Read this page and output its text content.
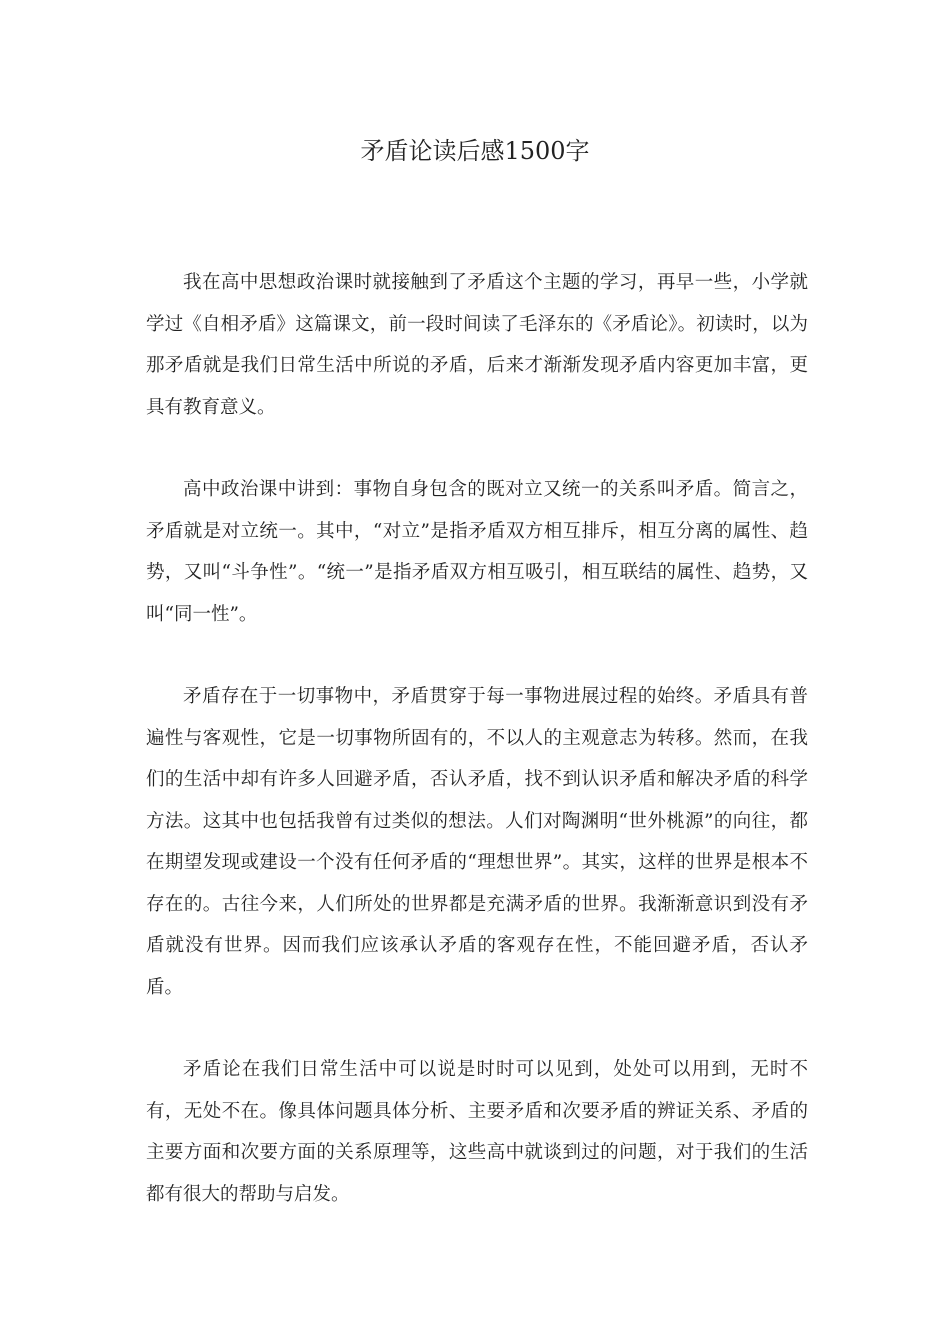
矛盾论读后感1500字

我在高中思想政治课时就接触到了矛盾这个主题的学习，再早一些，小学就学过《自相矛盾》这篇课文，前一段时间读了毛泽东的《矛盾论》。初读时，以为那矛盾就是我们日常生活中所说的矛盾，后来才渐渐发现矛盾内容更加丰富，更具有教育意义。

高中政治课中讲到：事物自身包含的既对立又统一的关系叫矛盾。简言之，矛盾就是对立统一。其中，“对立”是指矛盾双方相互排斥，相互分离的属性、趋势，又叫“斗争性”。“统一”是指矛盾双方相互吸引，相互联结的属性、趋势，又叫“同一性”。

矛盾存在于一切事物中，矛盾贯穿于每一事物进展过程的始终。矛盾具有普遍性与客观性，它是一切事物所固有的，不以人的主观意志为转移。然而，在我们的生活中却有许多人回避矛盾，否认矛盾，找不到认识矛盾和解决矛盾的科学方法。这其中也包括我曾有过类似的想法。人们对陶渊明“世外桃源”的向往，都在期望发现或建设一个没有任何矛盾的“理想世界”。其实，这样的世界是根本不存在的。古往今来，人们所处的世界都是充满矛盾的世界。我渐渐意识到没有矛盾就没有世界。因而我们应该承认矛盾的客观存在性，不能回避矛盾，否认矛盾。

矛盾论在我们日常生活中可以说是时时可以见到，处处可以用到，无时不有，无处不在。像具体问题具体分析、主要矛盾和次要矛盾的辨证关系、矛盾的主要方面和次要方面的关系原理等，这些高中就谈到过的问题，对于我们的生活都有很大的帮助与启发。
